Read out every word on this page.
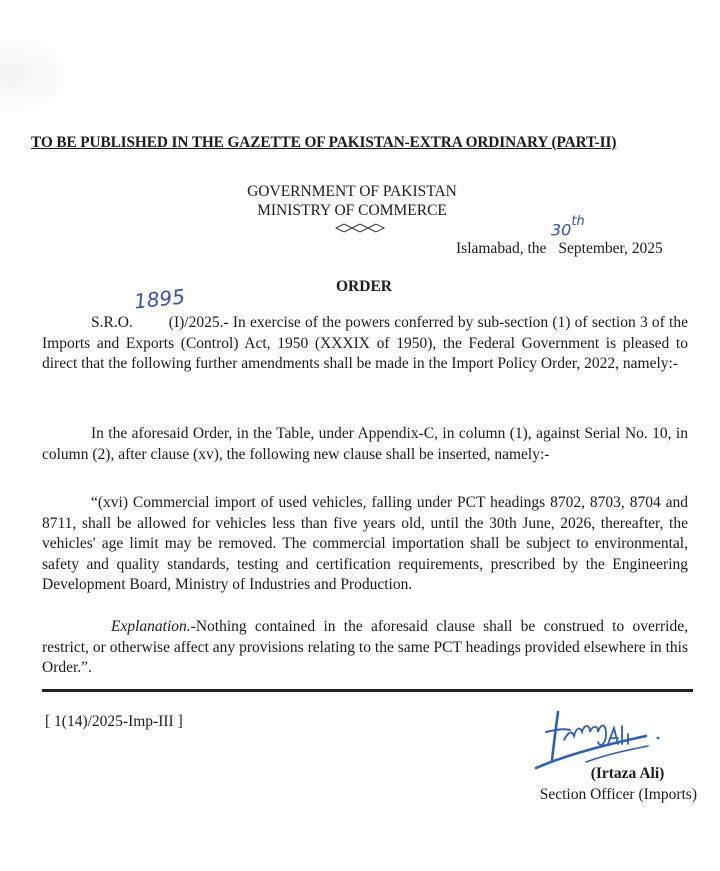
TO BE PUBLISHED IN THE GAZETTE OF PAKISTAN-EXTRA ORDINARY (PART-II)
GOVERNMENT OF PAKISTAN
MINISTRY OF COMMERCE
30th
Islamabad, the September, 2025
ORDER
1895
S.R.O. (I)/2025.- In exercise of the powers conferred by sub-section (1) of section 3 of the Imports and Exports (Control) Act, 1950 (XXXIX of 1950), the Federal Government is pleased to direct that the following further amendments shall be made in the Import Policy Order, 2022, namely:-
In the aforesaid Order, in the Table, under Appendix-C, in column (1), against Serial No. 10, in column (2), after clause (xv), the following new clause shall be inserted, namely:-
“(xvi) Commercial import of used vehicles, falling under PCT headings 8702, 8703, 8704 and 8711, shall be allowed for vehicles less than five years old, until the 30th June, 2026, thereafter, the vehicles' age limit may be removed. The commercial importation shall be subject to environmental, safety and quality standards, testing and certification requirements, prescribed by the Engineering Development Board, Ministry of Industries and Production.
Explanation.-Nothing contained in the aforesaid clause shall be construed to override, restrict, or otherwise affect any provisions relating to the same PCT headings provided elsewhere in this Order.”.
[ 1(14)/2025-Imp-III ]
(Irtaza Ali)
Section Officer (Imports)
